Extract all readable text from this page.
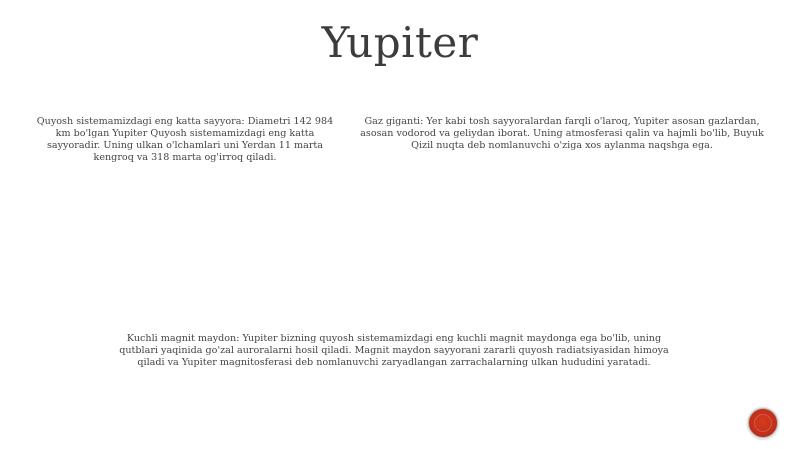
Yupiter
Quyosh sistemamizdagi eng katta sayyora: Diametri 142 984 km bo'lgan Yupiter Quyosh sistemamizdagi eng katta sayyoradir. Uning ulkan o'lchamlari uni Yerdan 11 marta kengroq va 318 marta og'irroq qiladi.
Gaz giganti: Yer kabi tosh sayyoralardan farqli o'laroq, Yupiter asosan gazlardan, asosan vodorod va geliydan iborat. Uning atmosferasi qalin va hajmli bo'lib, Buyuk Qizil nuqta deb nomlanuvchi o'ziga xos aylanma naqshga ega.
Kuchli magnit maydon: Yupiter bizning quyosh sistemamizdagi eng kuchli magnit maydonga ega bo'lib, uning qutblari yaqinida go'zal auroralarni hosil qiladi. Magnit maydon sayyorani zararli quyosh radiatsiyasidan himoya qiladi va Yupiter magnitosferasi deb nomlanuvchi zaryadlangan zarrachalarning ulkan hududini yaratadi.
